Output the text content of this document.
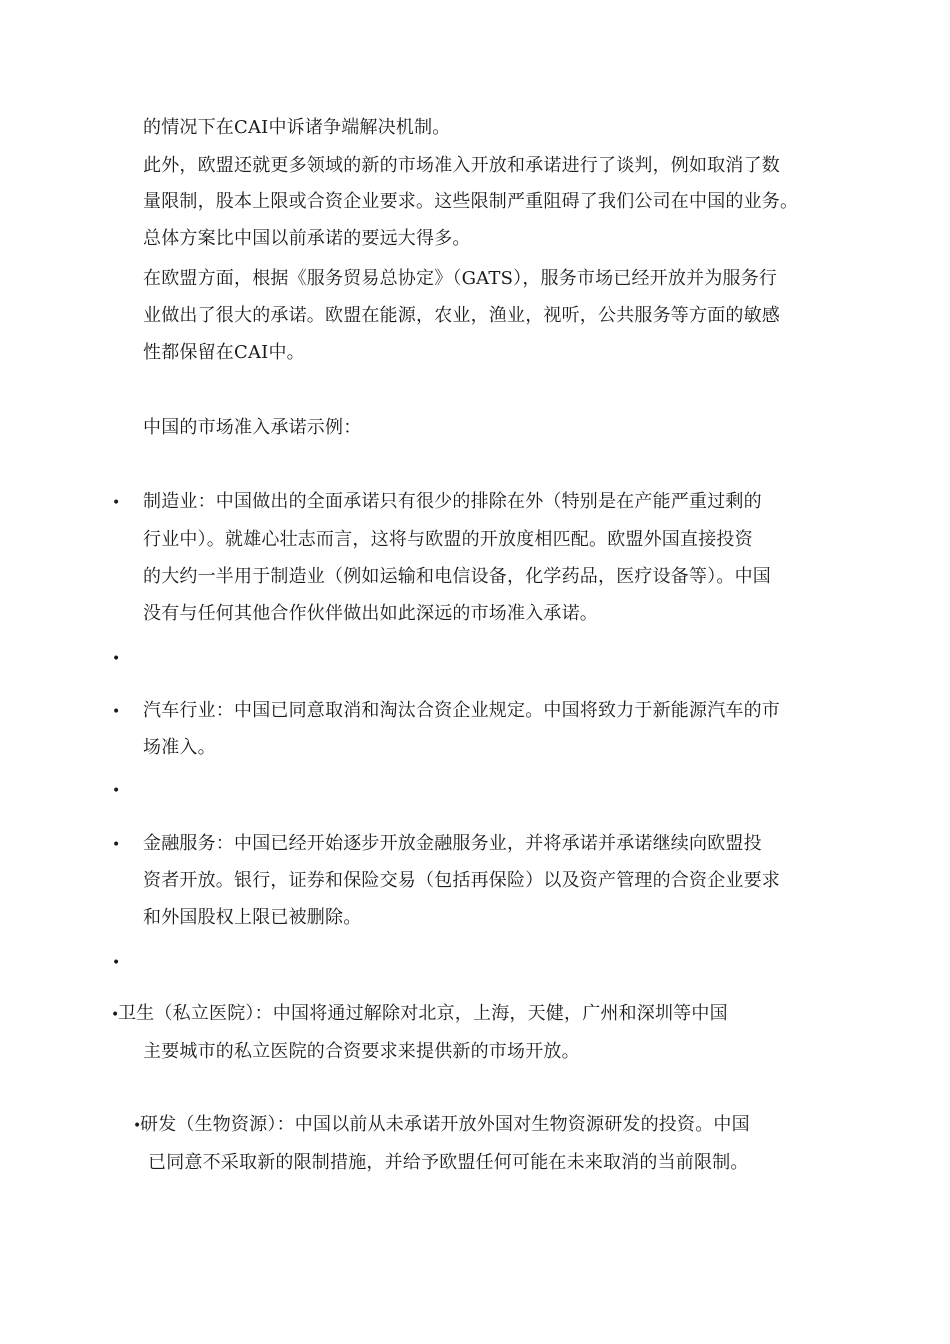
的情况下在CAI中诉诸争端解决机制。
此外，欧盟还就更多领域的新的市场准入开放和承诺进行了谈判，例如取消了数
量限制，股本上限或合资企业要求。这些限制严重阻碍了我们公司在中国的业务。
总体方案比中国以前承诺的要远大得多。
在欧盟方面，根据《服务贸易总协定》（GATS），服务市场已经开放并为服务行
业做出了很大的承诺。欧盟在能源，农业，渔业，视听，公共服务等方面的敏感
性都保留在CAI中。
中国的市场准入承诺示例：
• 制造业：中国做出的全面承诺只有很少的排除在外（特别是在产能严重过剩的
行业中）。就雄心壮志而言，这将与欧盟的开放度相匹配。欧盟外国直接投资
的大约一半用于制造业（例如运输和电信设备，化学药品，医疗设备等）。中国
没有与任何其他合作伙伴做出如此深远的市场准入承诺。
•
• 汽车行业：中国已同意取消和淘汰合资企业规定。中国将致力于新能源汽车的市
场准入。
•
• 金融服务：中国已经开始逐步开放金融服务业，并将承诺并承诺继续向欧盟投
资者开放。银行，证券和保险交易（包括再保险）以及资产管理的合资企业要求
和外国股权上限已被删除。
•
•
卫生（私立医院）：中国将通过解除对北京，上海，天健，广州和深圳等中国
主要城市的私立医院的合资要求来提供新的市场开放。
•
研发（生物资源）：中国以前从未承诺开放外国对生物资源研发的投资。中国
已同意不采取新的限制措施，并给予欧盟任何可能在未来取消的当前限制。
